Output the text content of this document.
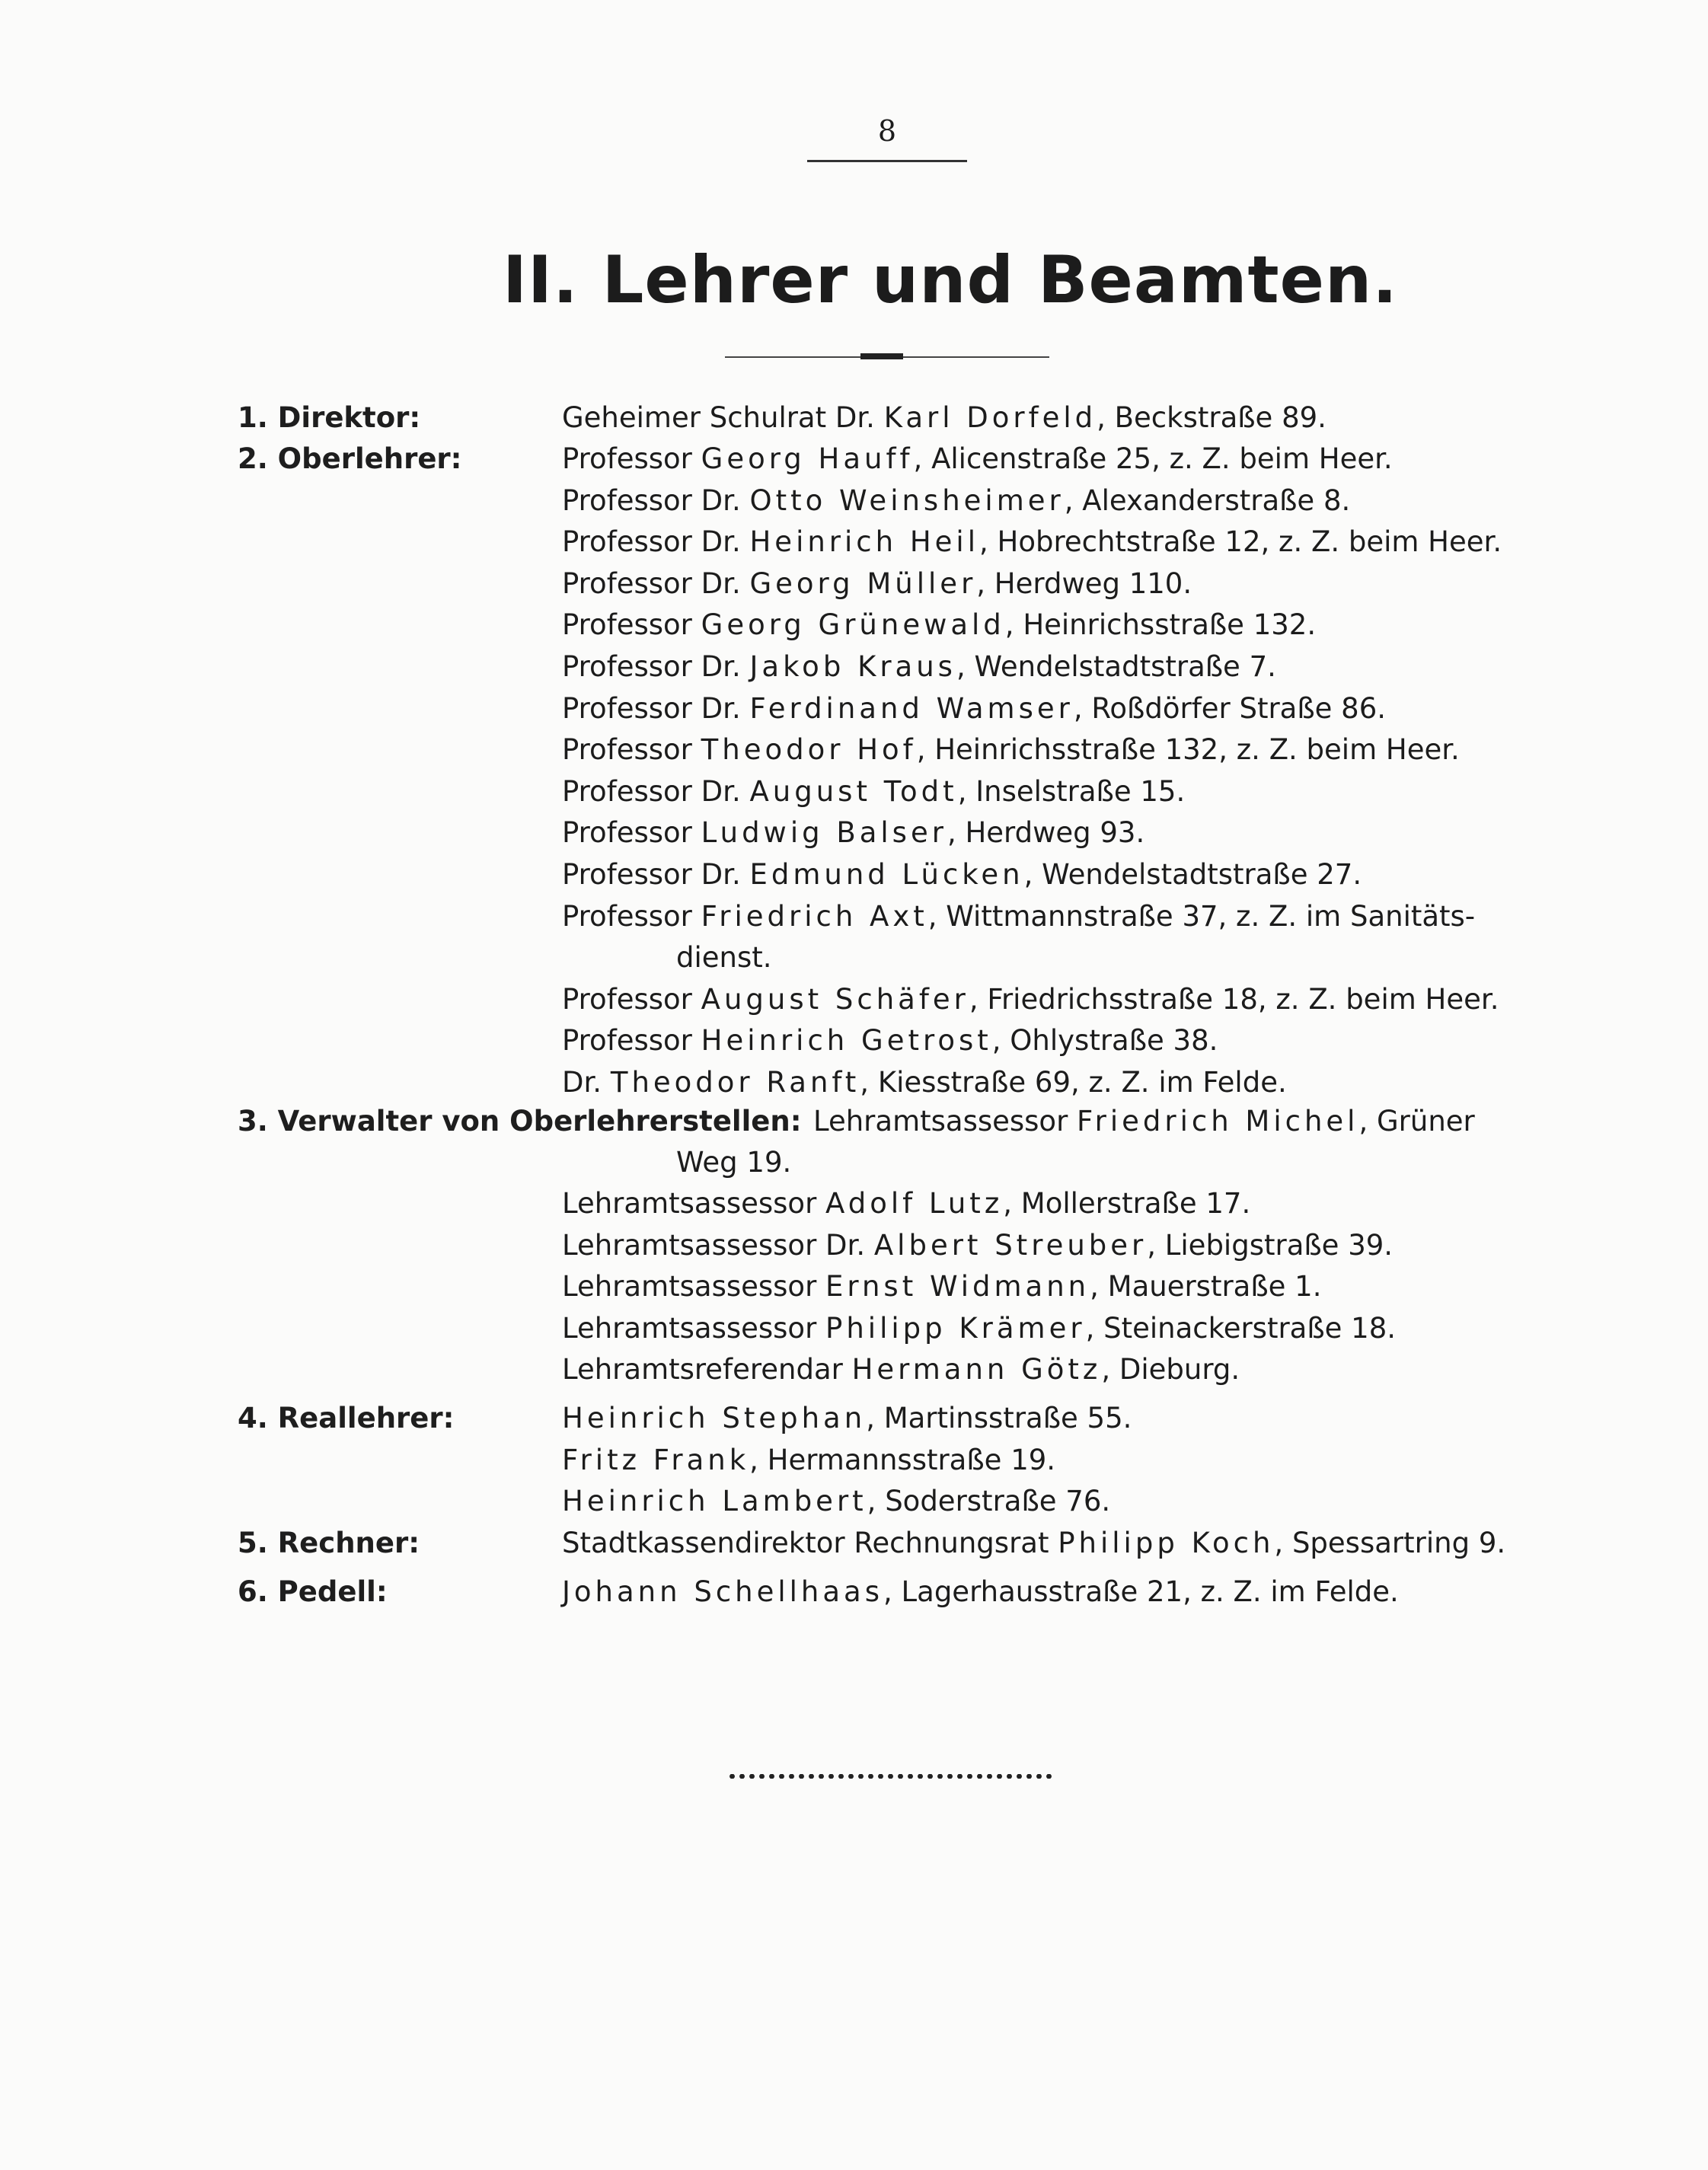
8
II. Lehrer und Beamten.
1. Direktor:
2. Oberlehrer:
3. Verwalter von Oberlehrerstellen:
4. Reallehrer:
5. Rechner:
6. Pedell:
Geheimer Schulrat Dr. Karl Dorfeld, Beckstraße 89.
Professor Georg Hauff, Alicenstraße 25, z. Z. beim Heer.
Professor Dr. Otto Weinsheimer, Alexanderstraße 8.
Professor Dr. Heinrich Heil, Hobrechtstraße 12, z. Z. beim Heer.
Professor Dr. Georg Müller, Herdweg 110.
Professor Georg Grünewald, Heinrichsstraße 132.
Professor Dr. Jakob Kraus, Wendelstadtstraße 7.
Professor Dr. Ferdinand Wamser, Roßdörfer Straße 86.
Professor Theodor Hof, Heinrichsstraße 132, z. Z. beim Heer.
Professor Dr. August Todt, Inselstraße 15.
Professor Ludwig Balser, Herdweg 93.
Professor Dr. Edmund Lücken, Wendelstadtstraße 27.
Professor Friedrich Axt, Wittmannstraße 37, z. Z. im Sanitäts-
dienst.
Professor August Schäfer, Friedrichsstraße 18, z. Z. beim Heer.
Professor Heinrich Getrost, Ohlystraße 38.
Dr. Theodor Ranft, Kiesstraße 69, z. Z. im Felde.
Lehramtsassessor Friedrich Michel, Grüner
Weg 19.
Lehramtsassessor Adolf Lutz, Mollerstraße 17.
Lehramtsassessor Dr. Albert Streuber, Liebigstraße 39.
Lehramtsassessor Ernst Widmann, Mauerstraße 1.
Lehramtsassessor Philipp Krämer, Steinackerstraße 18.
Lehramtsreferendar Hermann Götz, Dieburg.
Heinrich Stephan, Martinsstraße 55.
Fritz Frank, Hermannsstraße 19.
Heinrich Lambert, Soderstraße 76.
Stadtkassendirektor Rechnungsrat Philipp Koch, Spessartring 9.
Johann Schellhaas, Lagerhausstraße 21, z. Z. im Felde.
